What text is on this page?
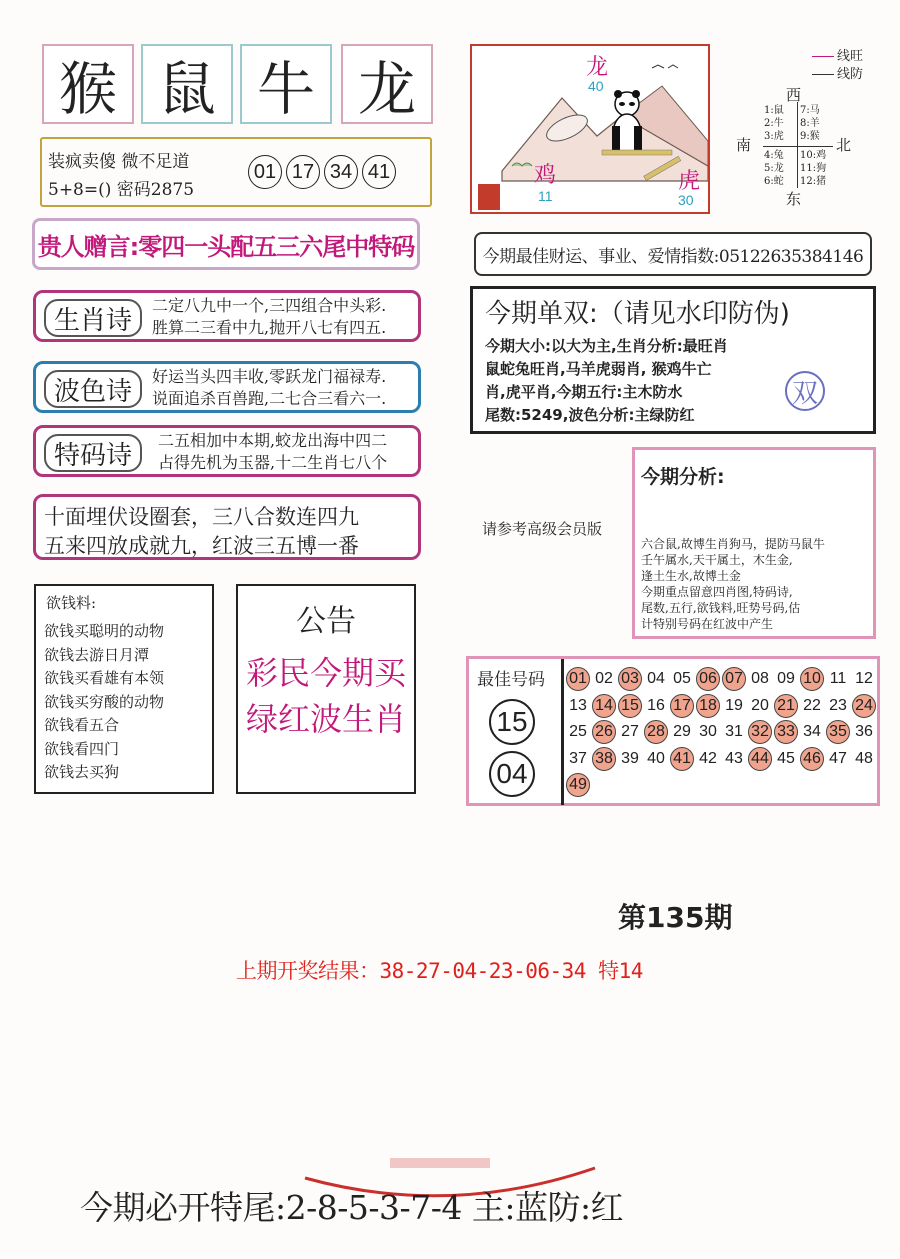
猴 鼠 牛 龙
装疯卖傻 微不足道
5+8=() 密码2875
01 17 34 41
贵人赠言:零四一头配五三六尾中特码
生肖诗	二定八九中一个,三四组合中头彩.
胜算二三看中九,抛开八七有四五.
波色诗	好运当头四丰收,零跃龙门福禄寿.
说面追杀百兽跑,二七合三看六一.
特码诗	二五相加中本期,蛟龙出海中四二
占得先机为玉器,十二生肖七八个
十面埋伏设圈套，三八合数连四九
五来四放成就九，红波三五博一番
欲钱料:
欲钱买聪明的动物
欲钱去游日月潭
欲钱买看雄有本领
欲钱买穷酸的动物
欲钱看五合
欲钱看四门
欲钱去买狗
公告
彩民今期买
绿红波生肖
龙
40
鸡
11
虎
30
线旺
线防
西
南	北
东
1:鼠
2:牛
3:虎
7:马
8:羊
9:猴
4:兔
5:龙
6:蛇
10:鸡
11:狗
12:猪
今期最佳财运、事业、爱情指数:05122635384146
今期单双:（请见水印防伪)
今期大小:以大为主,生肖分析:最旺肖
鼠蛇兔旺肖,马羊虎弱肖, 猴鸡牛亡
肖,虎平肖,今期五行:主木防水
尾数:5249,波色分析:主绿防红
双
今期分析:
六合鼠,故博生肖狗马，提防马鼠牛
壬午属水,天干属土，木生金,
逢土生水,故博土金
今期重点留意四肖图,特码诗,
尾数,五行,欲钱料,旺势号码,估
计特别号码在红波中产生
请参考高级会员版
最佳号码
15
04
01 02 03 04 05 06 07 08 09 10 11 12
13 14 15 16 17 18 19 20 21 22 23 24
25 26 27 28 29 30 31 32 33 34 35 36
37 38 39 40 41 42 43 44 45 46 47 48
49
第135期
上期开奖结果：38-27-04-23-06-34 特14
今期必开特尾:2-8-5-3-7-4 主:蓝防:红
